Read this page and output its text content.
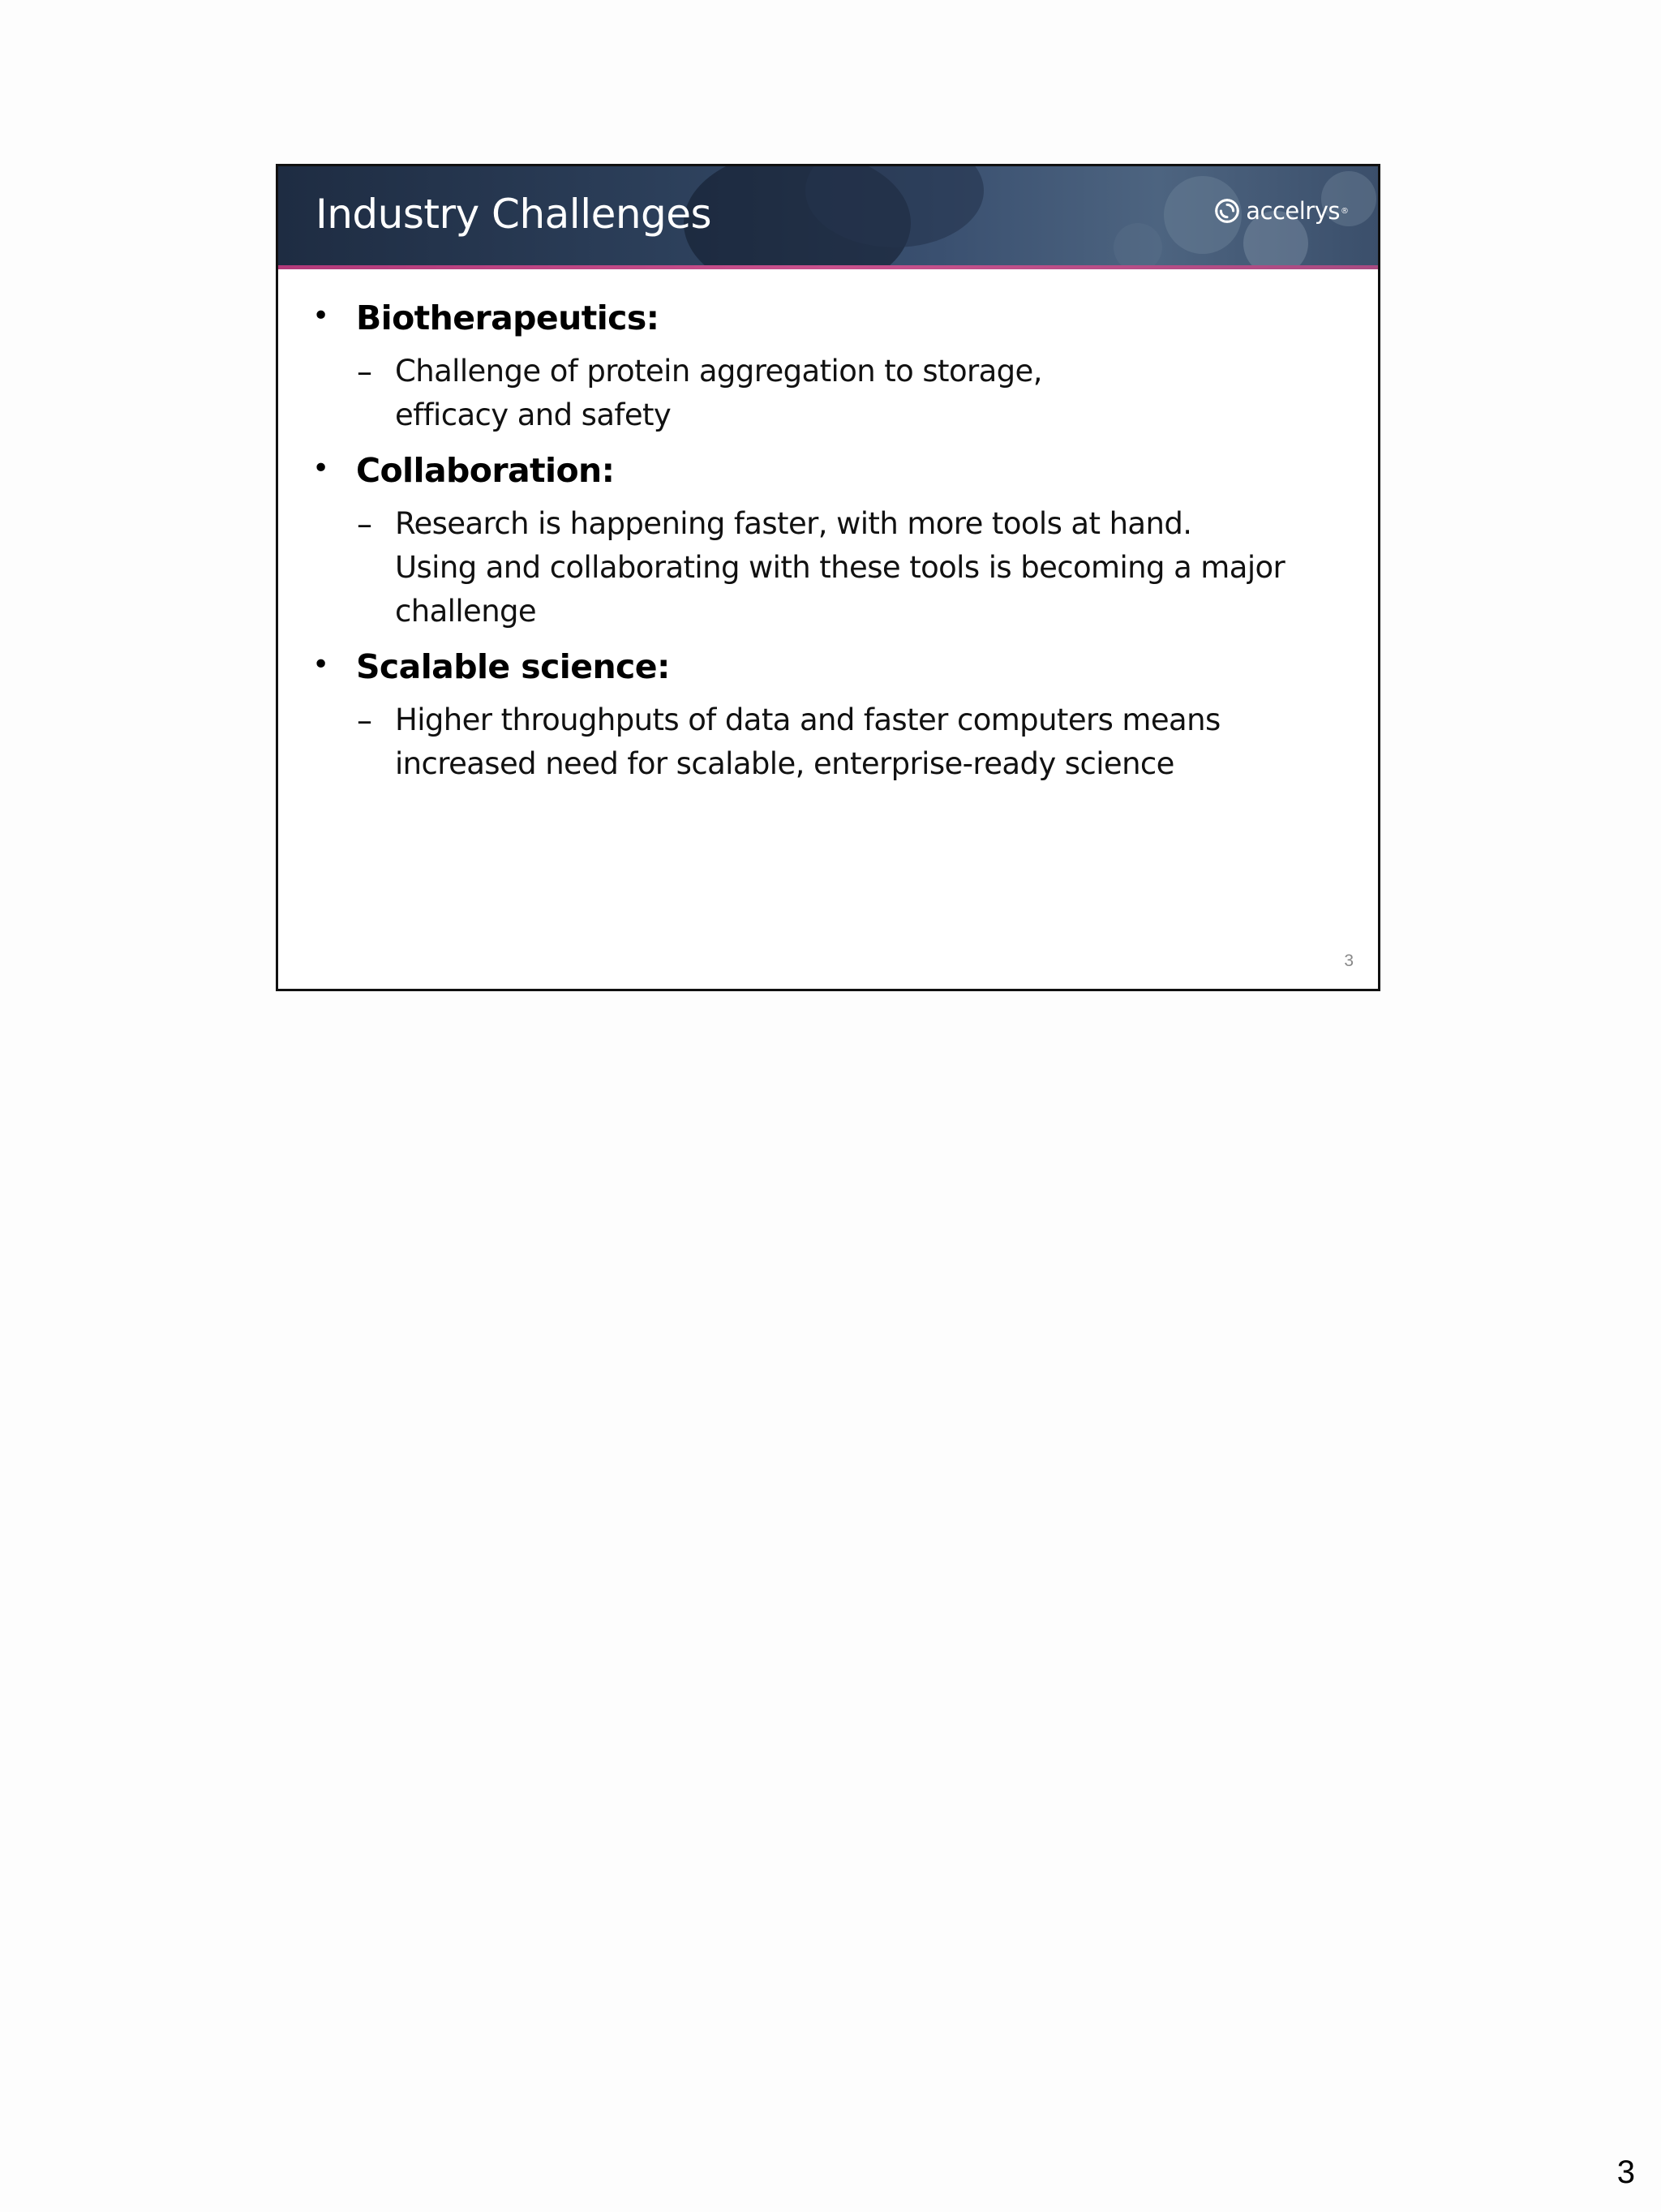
Industry Challenges	accelrys ®
• Biotherapeutics:
– Challenge of protein aggregation to storage,
efficacy and safety
• Collaboration:
– Research is happening faster, with more tools at hand.
Using and collaborating with these tools is becoming a major
challenge
• Scalable science:
– Higher throughputs of data and faster computers means
increased need for scalable, enterprise-ready science
3
3
